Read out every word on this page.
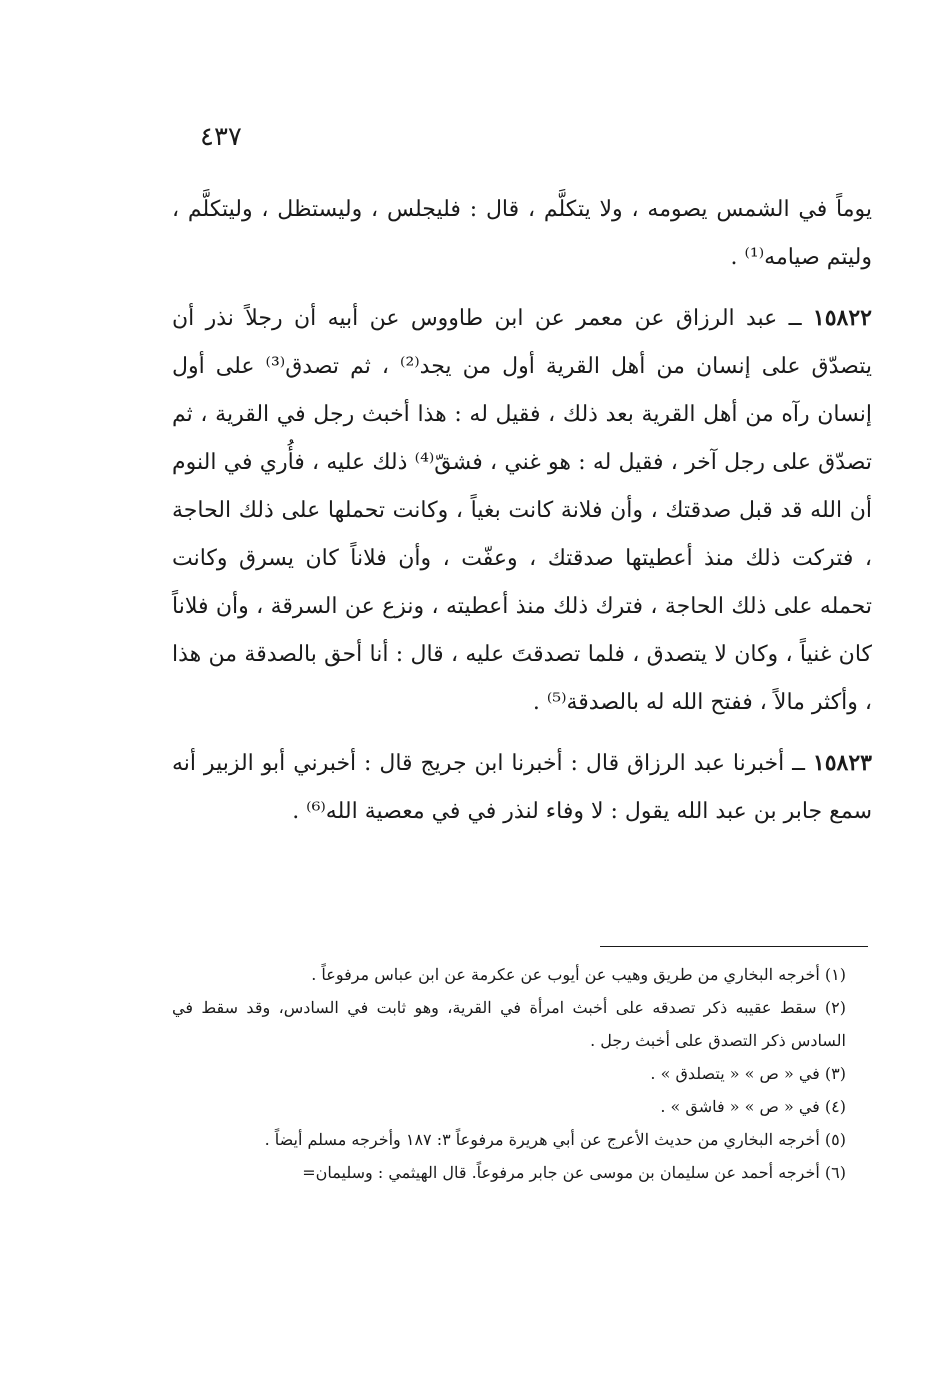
٤٣٧

يوماً في الشمس يصومه ، ولا يتكلَّم ، قال : فليجلس ، وليستظل ، وليتكلَّم ، وليتم صيامه⁽¹⁾ .

١٥٨٢٢ ــ عبد الرزاق عن معمر عن ابن طاووس عن أبيه أن رجلاً نذر أن يتصدّق على إنسان من أهل القرية أول من يجد⁽²⁾ ، ثم تصدق⁽³⁾ على أول إنسان رآه من أهل القرية بعد ذلك ، فقيل له : هذا أخبث رجل في القرية ، ثم تصدّق على رجل آخر ، فقيل له : هو غني ، فشقّ⁽⁴⁾ ذلك عليه ، فأُري في النوم أن الله قد قبل صدقتك ، وأن فلانة كانت بغياً ، وكانت تحملها على ذلك الحاجة ، فتركت ذلك منذ أعطيتها صدقتك ، وعفّت ، وأن فلاناً كان يسرق وكانت تحمله على ذلك الحاجة ، فترك ذلك منذ أعطيته ، ونزع عن السرقة ، وأن فلاناً كان غنياً ، وكان لا يتصدق ، فلما تصدقتَ عليه ، قال : أنا أحق بالصدقة من هذا ، وأكثر مالاً ، ففتح الله له بالصدقة⁽⁵⁾ .

١٥٨٢٣ ــ أخبرنا عبد الرزاق قال : أخبرنا ابن جريج قال : أخبرني أبو الزبير أنه سمع جابر بن عبد الله يقول : لا وفاء لنذر في في معصية الله⁽⁶⁾ .

(١) أخرجه البخاري من طريق وهيب عن أيوب عن عكرمة عن ابن عباس مرفوعاً .

(٢) سقط عقيبه ذكر تصدقه على أخبث امرأة في القرية، وهو ثابت في السادس، وقد سقط في السادس ذكر التصدق على أخبث رجل .

(٣) في « ص » « يتصلدق » .

(٤) في « ص » « فاشق » .

(٥) أخرجه البخاري من حديث الأعرج عن أبي هريرة مرفوعاً ٣: ١٨٧ وأخرجه مسلم أيضاً .

(٦) أخرجه أحمد عن سليمان بن موسى عن جابر مرفوعاً. قال الهيثمي : وسليمان=
